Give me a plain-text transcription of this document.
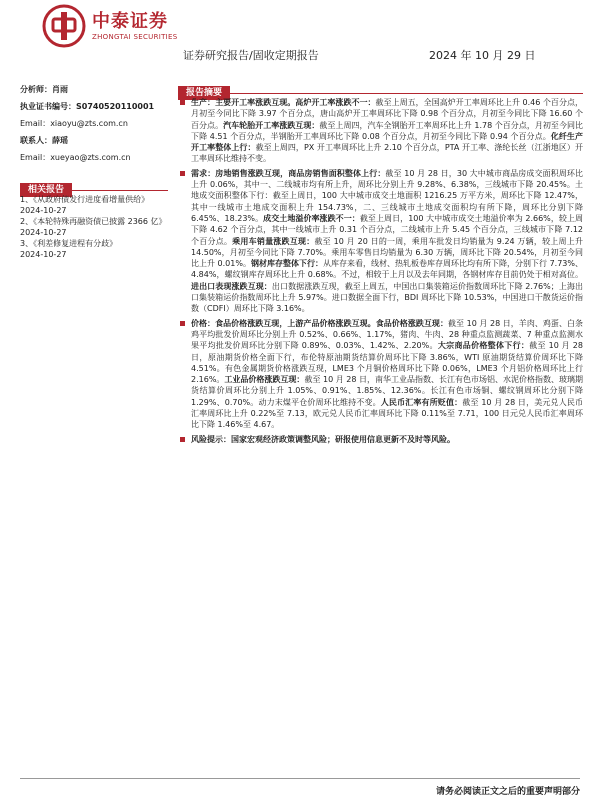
中泰证券
ZHONGTAI SECURITIES
证券研究报告/固收定期报告	2024 年 10 月 29 日
分析师：肖雨
执业证书编号：S0740520110001
Email：xiaoyu@zts.com.cn
联系人：薛瑶
Email：xueyao@zts.com.cn
相关报告
1、《从政府债发行进度看增量供给》
2024-10-27
2、《本轮特殊再融资债已披露 2366 亿》2024-10-27
3、《利差修复进程有分歧》
2024-10-27
报告摘要
生产：主要开工率涨跌互现。高炉开工率涨跌不一：截至上周五，全国高炉开工率周环比上升 0.46 个百分点，月初至今同比下降 3.97 个百分点，唐山高炉开工率周环比下降 0.98 个百分点，月初至今同比下降 16.60 个百分点。汽车轮胎开工率涨跌互现：截至上周四，汽车全钢胎开工率周环比上升 1.78 个百分点，月初至今同比下降 4.51 个百分点，半钢胎开工率周环比下降 0.08 个百分点，月初至今同比下降 0.94 个百分点。化纤生产开工率整体上行：截至上周四，PX 开工率周环比上升 2.10 个百分点，PTA 开工率、涤纶长丝（江浙地区）开工率周环比维持不变。
需求：房地销售涨跌互现，商品房销售面积整体上行：截至 10 月 28 日，30 大中城市商品房成交面积周环比上升 0.06%，其中一、二线城市均有所上升，周环比分别上升 9.28%、6.38%，三线城市下降 20.45%。土地成交面积整体下行：截至上周日，100 大中城市成交土地面积 1216.25 万平方米，周环比下降 12.47%，其中一线城市土地成交面积上升 154.73%，二、三线城市土地成交面积均有所下降，周环比分别下降 6.45%、18.23%。成交土地溢价率涨跌不一：截至上周日，100 大中城市成交土地溢价率为 2.66%，较上周下降 4.62 个百分点，其中一线城市上升 0.31 个百分点，二线城市上升 5.45 个百分点，三线城市下降 7.12 个百分点。乘用车销量涨跌互现：截至 10 月 20 日的一周，乘用车批发日均销量为 9.24 万辆，较上周上升 14.50%，月初至今同比下降 7.70%。乘用车零售日均销量为 6.30 万辆，周环比下降 20.54%，月初至今同比上升 0.01%。钢材库存整体下行：从库存来看，线材、热轧板卷库存周环比均有所下降，分别下行 7.73%、4.84%，螺纹钢库存周环比上升 0.68%。不过，相较于上月以及去年同期，各钢材库存目前仍处于相对高位。进出口表现涨跌互现：出口数据涨跌互现，截至上周五，中国出口集装箱运价指数周环比下降 2.76%；上海出口集装箱运价指数周环比上升 5.97%。进口数据全面下行，BDI 周环比下降 10.53%，中国进口干散货运价指数（CDFI）周环比下降 3.16%。
价格：食品价格涨跌互现，上游产品价格涨跌互现。食品价格涨跌互现：截至 10 月 28 日，羊肉、鸡蛋、白条鸡平均批发价周环比分别上升 0.52%、0.66%、1.17%，猪肉、牛肉、28 种重点监测蔬菜、7 种重点监测水果平均批发价周环比分别下降 0.89%、0.03%、1.42%、2.20%。大宗商品价格整体下行：截至 10 月 28 日，原油期货价格全面下行，布伦特原油期货结算价周环比下降 3.86%，WTI 原油期货结算价周环比下降 4.51%。有色金属期货价格涨跌互现，LME3 个月铜价格周环比下降 0.06%，LME3 个月铝价格周环比上行 2.16%。工业品价格涨跌互现：截至 10 月 28 日，南华工业品指数、长江有色市场铝、水泥价格指数、玻璃期货结算价周环比分别上升 1.05%、0.91%、1.85%、12.36%。长江有色市场铜、螺纹钢周环比分别下降 1.29%、0.70%。动力末煤平仓价周环比维持不变。人民币汇率有所贬值：截至 10 月 28 日，美元兑人民币汇率周环比上升 0.22%至 7.13，欧元兑人民币汇率周环比下降 0.11%至 7.71，100 日元兑人民币汇率周环比下降 1.46%至 4.67。
风险提示：国家宏观经济政策调整风险；研报使用信息更新不及时等风险。
请务必阅读正文之后的重要声明部分
